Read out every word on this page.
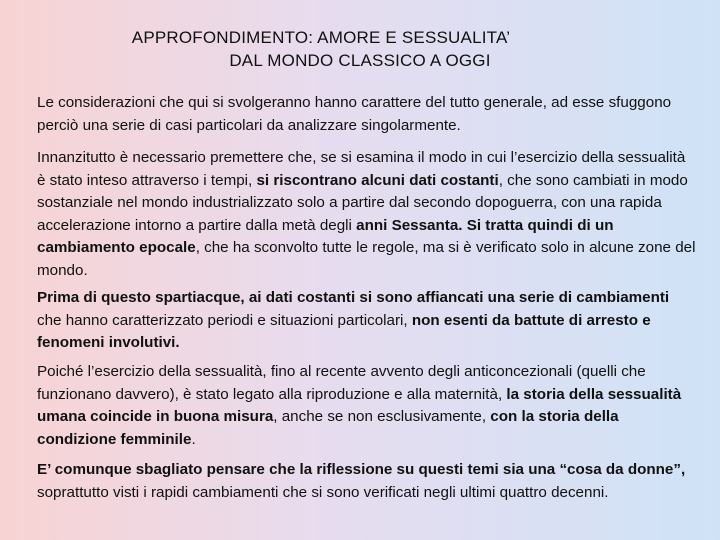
APPROFONDIMENTO: AMORE E SESSUALITA’
DAL MONDO CLASSICO A OGGI

Le considerazioni che qui si svolgeranno hanno carattere del tutto generale, ad esse sfuggono perciò una serie di casi particolari da analizzare singolarmente.

Innanzitutto è necessario premettere che, se si esamina il modo in cui l’esercizio della sessualità è stato inteso attraverso i tempi, si riscontrano alcuni dati costanti, che sono cambiati in modo sostanziale nel mondo industrializzato solo a partire dal secondo dopoguerra, con una rapida accelerazione intorno a partire dalla metà degli anni Sessanta. Si tratta quindi di un cambiamento epocale, che ha sconvolto tutte le regole, ma si è verificato solo in alcune zone del mondo.

Prima di questo spartiacque, ai dati costanti si sono affiancati una serie di cambiamenti che hanno caratterizzato periodi e situazioni particolari, non esenti da battute di arresto e fenomeni involutivi.

Poiché l’esercizio della sessualità, fino al recente avvento degli anticoncezionali (quelli che funzionano davvero), è stato legato alla riproduzione e alla maternità, la storia della sessualità umana coincide in buona misura, anche se non esclusivamente, con la storia della condizione femminile.

E’ comunque sbagliato pensare che la riflessione su questi temi sia una “cosa da donne”, soprattutto visti i rapidi cambiamenti che si sono verificati negli ultimi quattro decenni.
